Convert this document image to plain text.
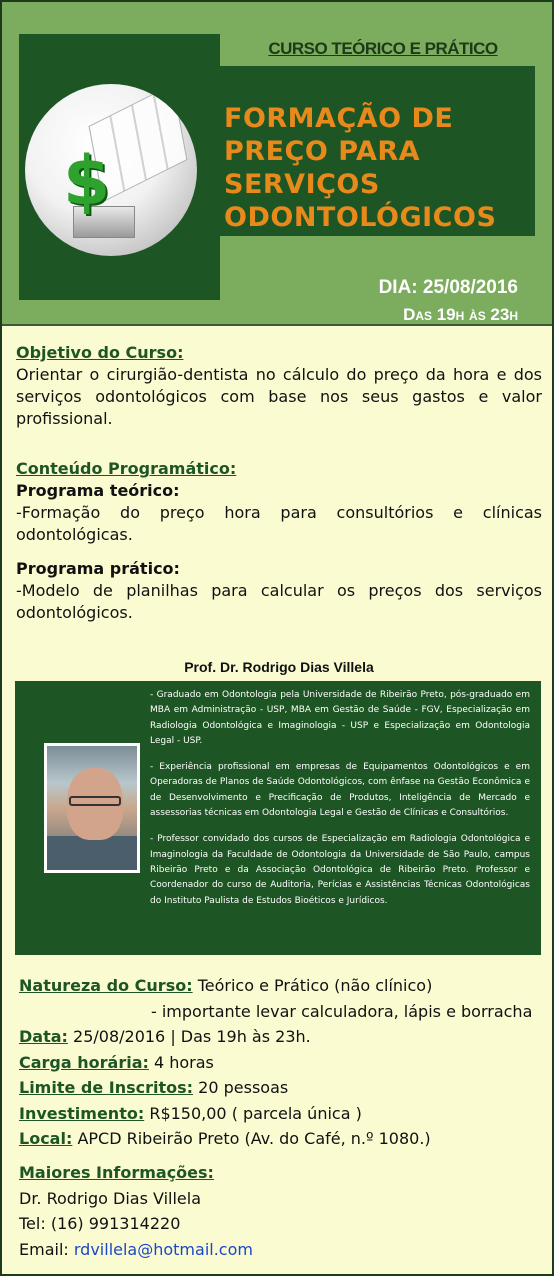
$
CURSO TEÓRICO E PRÁTICO
FORMAÇÃO DE
PREÇO PARA
SERVIÇOS
ODONTOLÓGICOS
DIA: 25/08/2016
Das 19h às 23h
Objetivo do Curso:
Orientar o cirurgião-dentista no cálculo do preço da hora e dos serviços odontológicos com base nos seus gastos e valor profissional.
Conteúdo Programático:
Programa teórico:
-Formação do preço hora para consultórios e clínicas odontológicas.
Programa prático:
-Modelo de planilhas para calcular os preços dos serviços odontológicos.
Prof. Dr. Rodrigo Dias Villela

- Graduado em Odontologia pela Universidade de Ribeirão Preto, pós-graduado em MBA em Administração - USP, MBA em Gestão de Saúde - FGV, Especialização em Radiologia Odontológica e Imaginologia - USP e Especialização em Odontologia Legal - USP.

- Experiência profissional em empresas de Equipamentos Odontológicos e em Operadoras de Planos de Saúde Odontológicos, com ênfase na Gestão Econômica e de Desenvolvimento e Precificação de Produtos, Inteligência de Mercado e assessorias técnicas em Odontologia Legal e Gestão de Clínicas e Consultórios.

- Professor convidado dos cursos de Especialização em Radiologia Odontológica e Imaginologia da Faculdade de Odontologia da Universidade de São Paulo, campus Ribeirão Preto e da Associação Odontológica de Ribeirão Preto. Professor e Coordenador do curso de Auditoria, Perícias e Assistências Técnicas Odontológicas do Instituto Paulista de Estudos Bioéticos e Jurídicos.

Natureza do Curso: Teórico e Prático (não clínico)
- importante levar calculadora, lápis e borracha
Data: 25/08/2016 | Das 19h às 23h.
Carga horária: 4 horas
Limite de Inscritos: 20 pessoas
Investimento: R$150,00 ( parcela única )
Local: APCD Ribeirão Preto (Av. do Café, n.º 1080.)
Maiores Informações:
Dr. Rodrigo Dias Villela
Tel: (16) 991314220
Email: rdvillela@hotmail.com
